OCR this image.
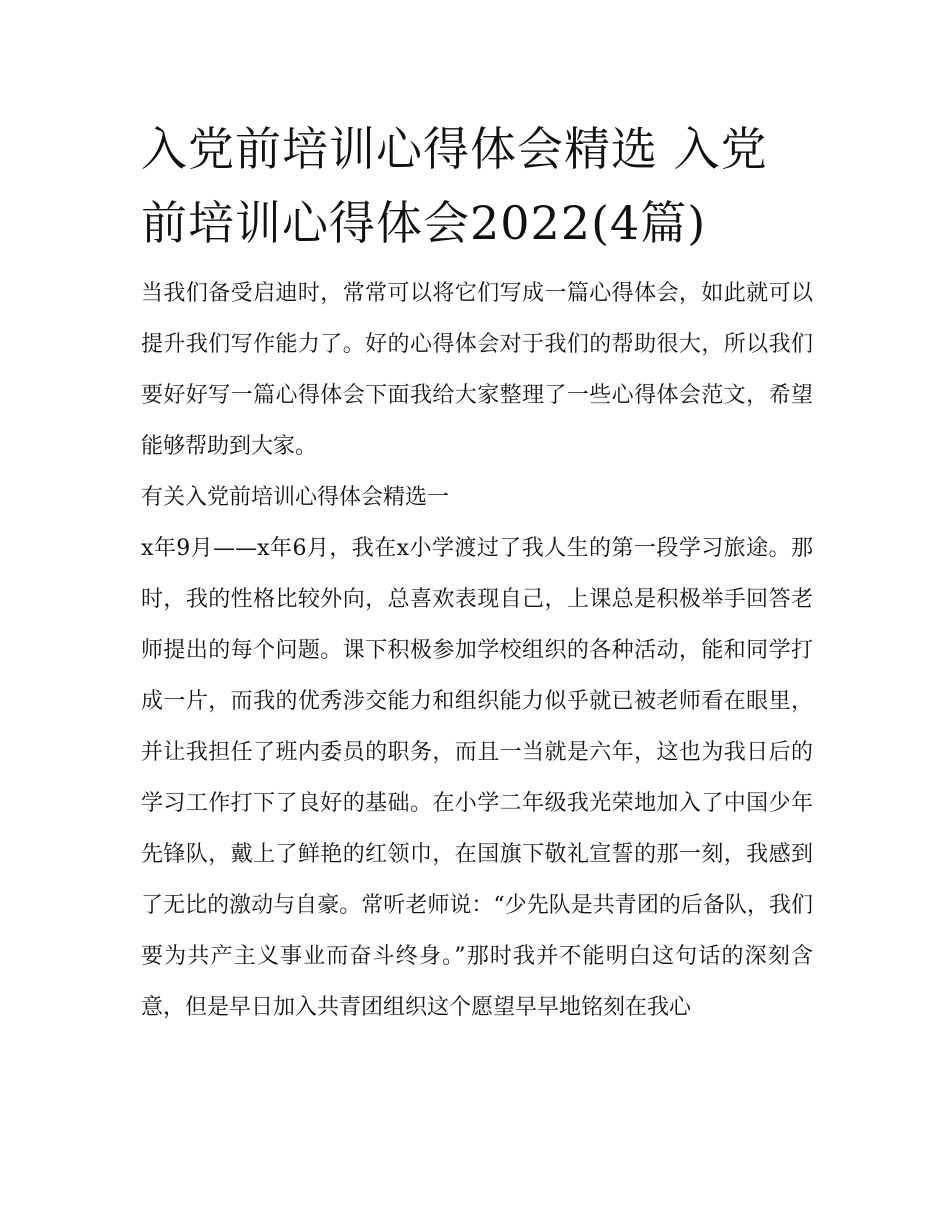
入党前培训心得体会精选 入党前培训心得体会2022(4篇)

当我们备受启迪时，常常可以将它们写成一篇心得体会，如此就可以提升我们写作能力了。好的心得体会对于我们的帮助很大，所以我们要好好写一篇心得体会下面我给大家整理了一些心得体会范文，希望能够帮助到大家。

有关入党前培训心得体会精选一

x年9月——x年6月，我在x小学渡过了我人生的第一段学习旅途。那时，我的性格比较外向，总喜欢表现自己，上课总是积极举手回答老师提出的每个问题。课下积极参加学校组织的各种活动，能和同学打成一片，而我的优秀涉交能力和组织能力似乎就已被老师看在眼里，并让我担任了班内委员的职务，而且一当就是六年，这也为我日后的学习工作打下了良好的基础。在小学二年级我光荣地加入了中国少年先锋队，戴上了鲜艳的红领巾，在国旗下敬礼宣誓的那一刻，我感到了无比的激动与自豪。常听老师说：“少先队是共青团的后备队，我们要为共产主义事业而奋斗终身。”那时我并不能明白这句话的深刻含意，但是早日加入共青团组织这个愿望早早地铭刻在我心
